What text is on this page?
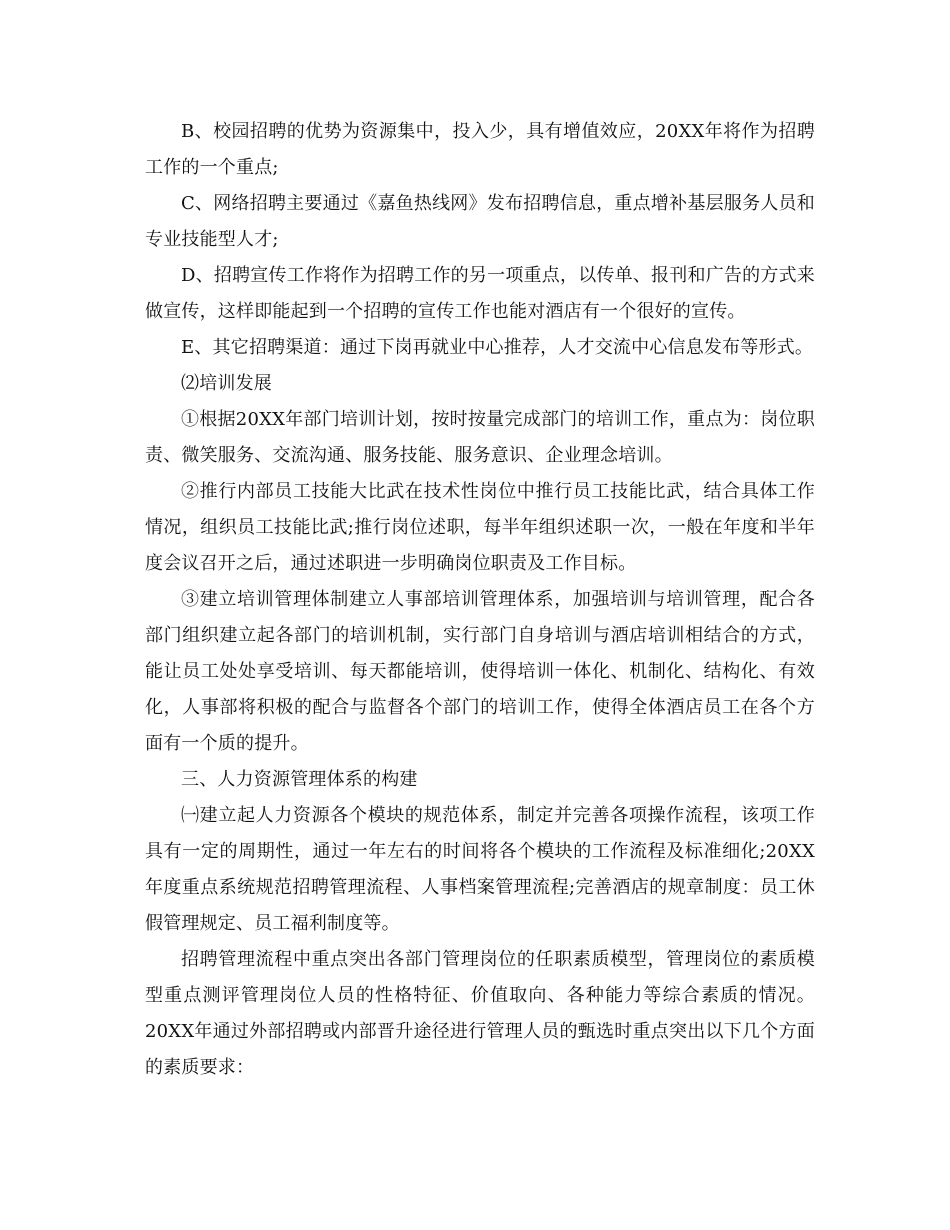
B、校园招聘的优势为资源集中，投入少，具有增值效应，20XX年将作为招聘工作的一个重点;

C、网络招聘主要通过《嘉鱼热线网》发布招聘信息，重点增补基层服务人员和专业技能型人才;

D、招聘宣传工作将作为招聘工作的另一项重点，以传单、报刊和广告的方式来做宣传，这样即能起到一个招聘的宣传工作也能对酒店有一个很好的宣传。

E、其它招聘渠道：通过下岗再就业中心推荐，人才交流中心信息发布等形式。

⑵培训发展

①根据20XX年部门培训计划，按时按量完成部门的培训工作，重点为：岗位职责、微笑服务、交流沟通、服务技能、服务意识、企业理念培训。

②推行内部员工技能大比武在技术性岗位中推行员工技能比武，结合具体工作情况，组织员工技能比武;推行岗位述职，每半年组织述职一次，一般在年度和半年度会议召开之后，通过述职进一步明确岗位职责及工作目标。

③建立培训管理体制建立人事部培训管理体系，加强培训与培训管理，配合各部门组织建立起各部门的培训机制，实行部门自身培训与酒店培训相结合的方式，能让员工处处享受培训、每天都能培训，使得培训一体化、机制化、结构化、有效化，人事部将积极的配合与监督各个部门的培训工作，使得全体酒店员工在各个方面有一个质的提升。

三、人力资源管理体系的构建

㈠建立起人力资源各个模块的规范体系，制定并完善各项操作流程，该项工作具有一定的周期性，通过一年左右的时间将各个模块的工作流程及标准细化;20XX年度重点系统规范招聘管理流程、人事档案管理流程;完善酒店的规章制度：员工休假管理规定、员工福利制度等。

招聘管理流程中重点突出各部门管理岗位的任职素质模型，管理岗位的素质模型重点测评管理岗位人员的性格特征、价值取向、各种能力等综合素质的情况。20XX年通过外部招聘或内部晋升途径进行管理人员的甄选时重点突出以下几个方面的素质要求：
